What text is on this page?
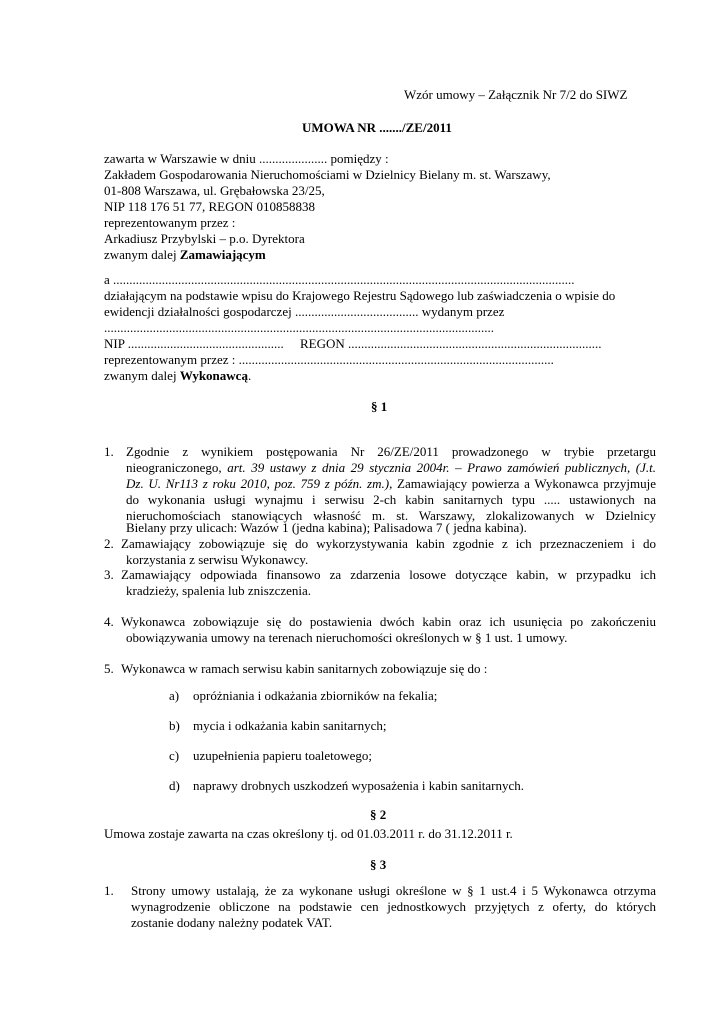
Wzór umowy – Załącznik Nr 7/2 do SIWZ
UMOWA NR ......./ZE/2011
zawarta w Warszawie w dniu ..................... pomiędzy :
Zakładem Gospodarowania Nieruchomościami w Dzielnicy Bielany m. st. Warszawy,
01-808 Warszawa, ul. Grębałowska 23/25,
NIP 118 176 51 77, REGON 010858838
reprezentowanym przez :
Arkadiusz Przybylski – p.o. Dyrektora
zwanym dalej Zamawiającym
a ..............................................................................................................................................
działającym na podstawie wpisu do Krajowego Rejestru Sądowego lub zaświadczenia o wpisie do
ewidencji działalności gospodarczej ...................................... wydanym przez
........................................................................................................................
NIP ................................................     REGON ..............................................................................
reprezentowanym przez : .................................................................................................
zwanym dalej Wykonawcą.
§ 1
1. Zgodnie z wynikiem postępowania Nr 26/ZE/2011 prowadzonego w trybie przetargu
nieograniczonego, art. 39 ustawy z dnia 29 stycznia 2004r. – Prawo zamówień publicznych, (J.t.
Dz. U. Nr113 z roku 2010, poz. 759 z późn. zm.), Zamawiający powierza a Wykonawca przyjmuje
do wykonania usługi wynajmu i serwisu 2-ch kabin sanitarnych typu ..... ustawionych na
nieruchomościach stanowiących własność m. st. Warszawy, zlokalizowanych w Dzielnicy
Bielany przy ulicach: Wazów 1 (jedna kabina); Palisadowa 7 ( jedna kabina).
2. Zamawiający zobowiązuje się do wykorzystywania kabin zgodnie z ich przeznaczeniem i do
korzystania z serwisu Wykonawcy.
3. Zamawiający odpowiada finansowo za zdarzenia losowe dotyczące kabin, w przypadku ich
kradzieży, spalenia lub zniszczenia.
4. Wykonawca zobowiązuje się do postawienia dwóch kabin oraz ich usunięcia po zakończeniu
obowiązywania umowy na terenach nieruchomości określonych w § 1 ust. 1 umowy.
5. Wykonawca w ramach serwisu kabin sanitarnych zobowiązuje się do :
a) opróżniania i odkażania zbiorników na fekalia;
b) mycia i odkażania kabin sanitarnych;
c) uzupełnienia papieru toaletowego;
d) naprawy drobnych uszkodzeń wyposażenia i kabin sanitarnych.
§ 2
Umowa zostaje zawarta na czas określony tj. od 01.03.2011 r. do 31.12.2011 r.
§ 3
1. Strony umowy ustalają, że za wykonane usługi określone w § 1 ust.4 i 5 Wykonawca otrzyma
wynagrodzenie obliczone na podstawie cen jednostkowych przyjętych z oferty, do których
zostanie dodany należny podatek VAT.
